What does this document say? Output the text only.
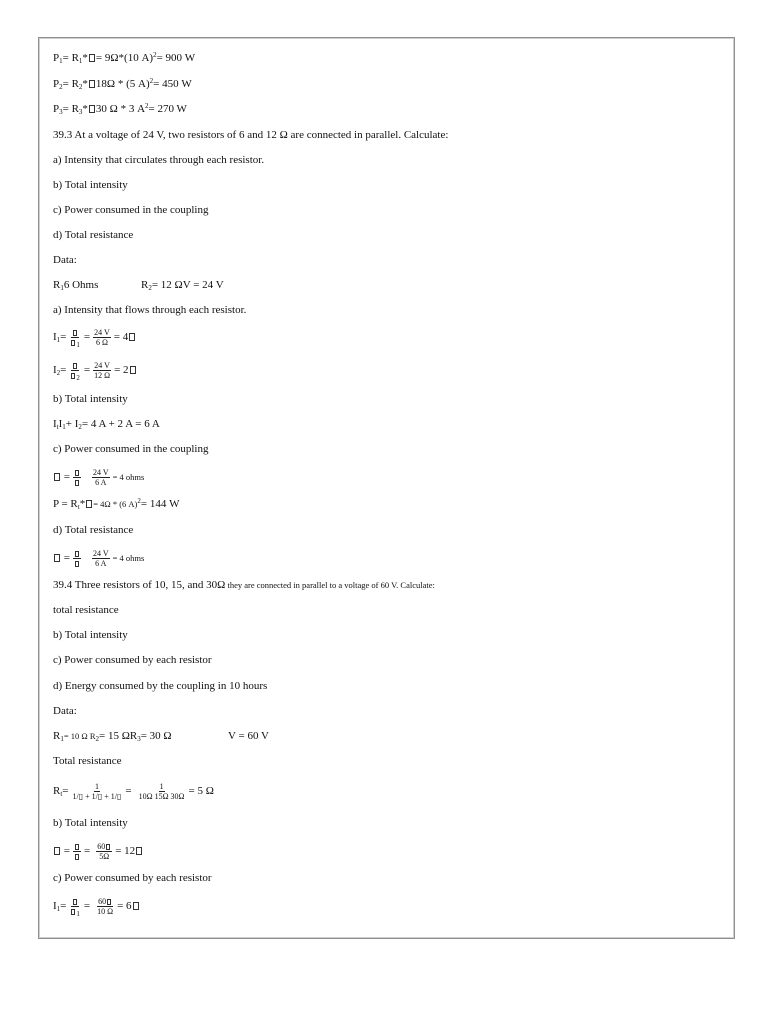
$P_1= R_1* = 9\Omega*(10$ A)$^2$= 900 W
$P_2= R_2*$ 18Ω * (5 A)$^2$= 450 W
$P_3= R_3*$ 30 Ω * 3 $A^2= 270$ W
39.3 At a voltage of 24 V, two resistors of 6 and 12 Ω are connected in parallel. Calculate:
a) Intensity that circulates through each resistor.
b) Total intensity
c) Power consumed in the coupling
d) Total resistance
Data:
$R_16$ Ohms	$R_2= 12$ ΩV = 24 V
a) Intensity that flows through each resistor.
$I_1=$
$_1$
= $\frac{24 V}{6 \Omega} = 4$
$I_2=$
$_2$
= $\frac{24 V}{12 \Omega} = 2$
b) Total intensity
$I_tI_1+ I_2= 4$ A + 2 A = 6 A
c) Power consumed in the coupling
=	$\frac{24 V}{6 A} = 4$ ohms
$P = R_t* = 4\Omega * (6$ A)$^2$= 144 W
d) Total resistance
=	$\frac{24 V}{6 A} = 4$ ohms
39.4 Three resistors of 10, 15, and 30Ω they are connected in parallel to a voltage of 60 V. Calculate:
total resistance
b) Total intensity
c) Power consumed by each resistor
d) Energy consumed by the coupling in 10 hours
Data:
$R_1= 10$ Ω $R_2= 15$ $\Omega R_3= 30$ Ω	V = 60 V
Total resistance
$R_t= \frac{1}{1/▯ + 1/▯ + 1/▯} = \frac{1}{10\Omega 15\Omega 30\Omega} = 5$ Ω
b) Total intensity
= = $\frac{60}{5\Omega} = 12$
c) Power consumed by each resistor
$I_1=$
$_1$
= $\frac{60}{10 \Omega} = 6$
